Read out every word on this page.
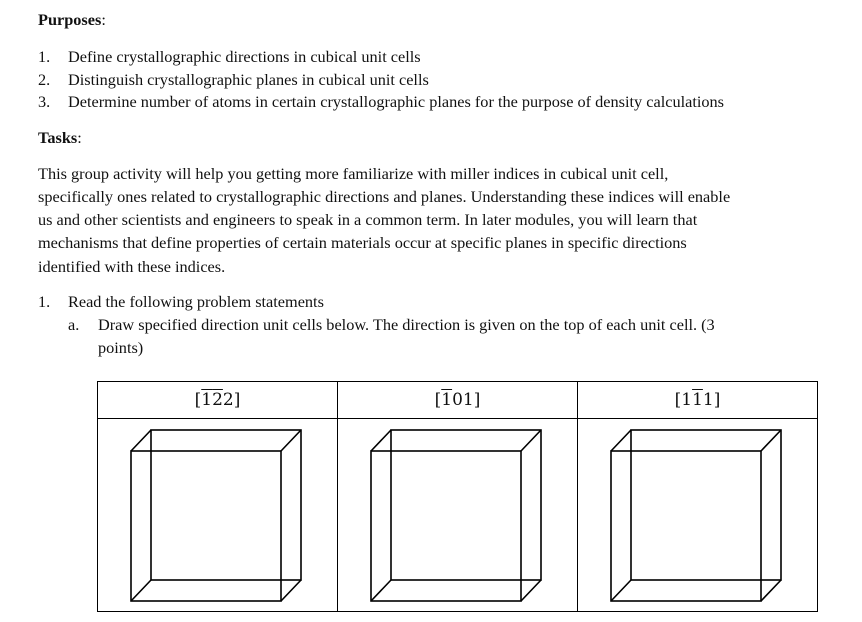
Purposes:
1. Define crystallographic directions in cubical unit cells
2. Distinguish crystallographic planes in cubical unit cells
3. Determine number of atoms in certain crystallographic planes for the purpose of density calculations
Tasks:
This group activity will help you getting more familiarize with miller indices in cubical unit cell,
specifically ones related to crystallographic directions and planes. Understanding these indices will enable
us and other scientists and engineers to speak in a common term. In later modules, you will learn that
mechanisms that define properties of certain materials occur at specific planes in specific directions
identified with these indices.
1. Read the following problem statements
a. Draw specified direction unit cells below. The direction is given on the top of each unit cell. (3
points)
[122]	[101]	[111]
